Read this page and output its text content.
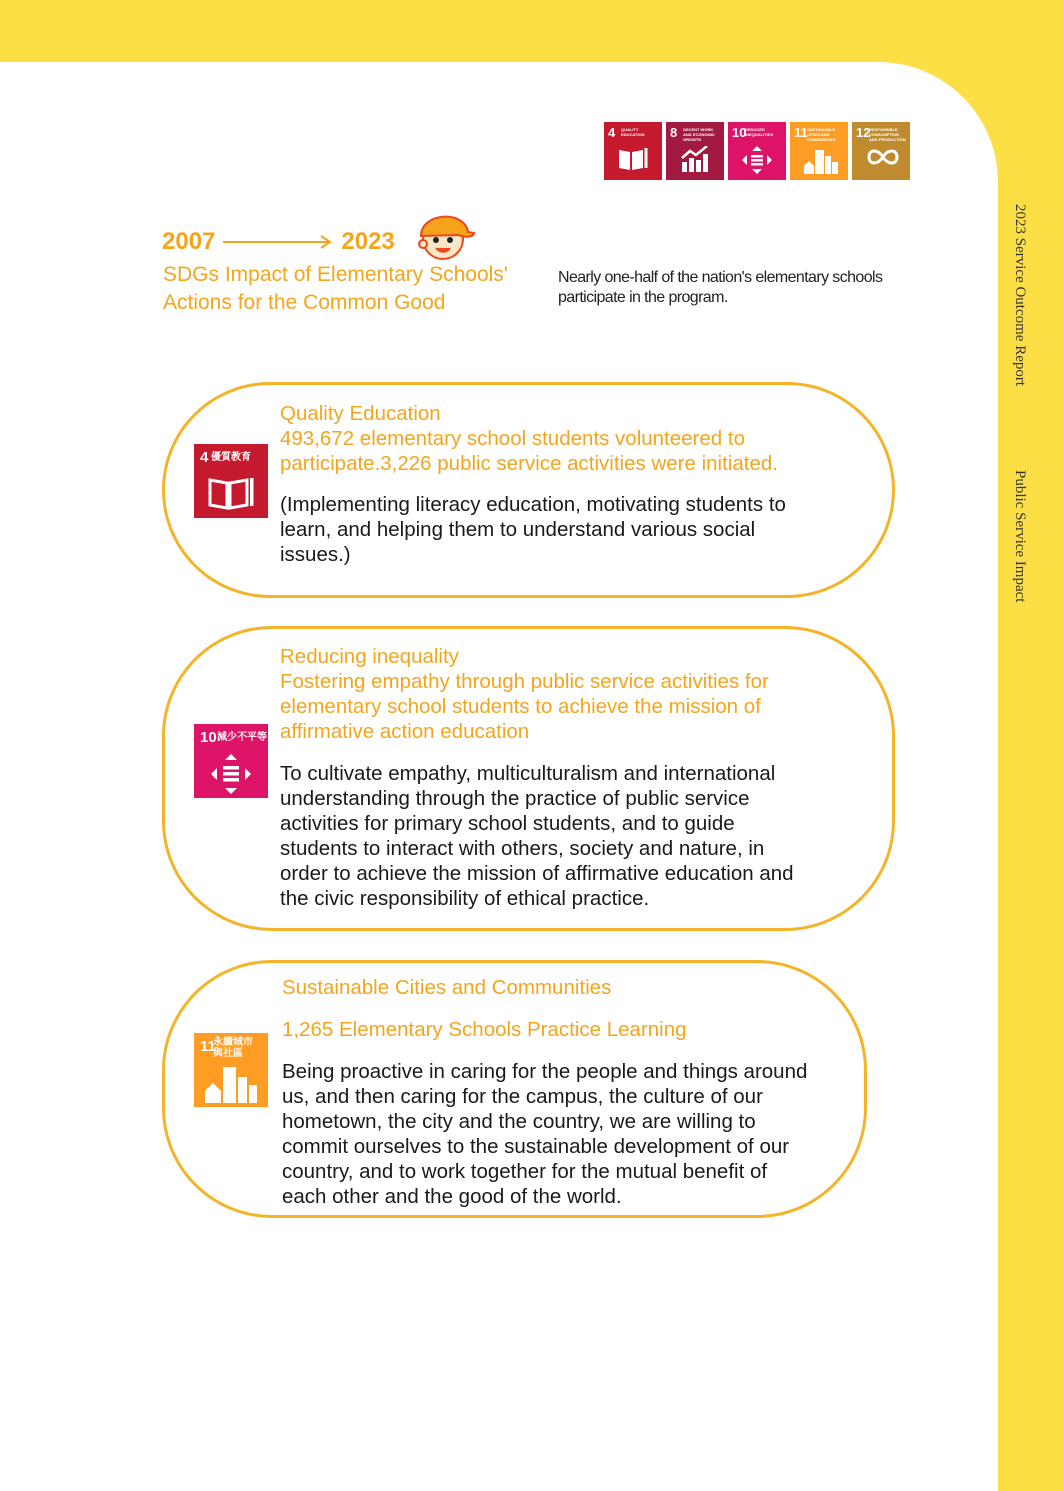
2023 Service Outcome Report
Public Service Impact
4 QUALITY EDUCATION	8 DECENT WORK AND ECONOMIC GROWTH	10
REDUCED INEQUALITIES	11 SUSTAINABLE CITIES AND COMMUNITIES	12
RESPONSIBLE CONSUMPTION AND PRODUCTION
2007	2023
SDGs Impact of Elementary Schools'
Actions for the Common Good
Nearly one-half of the nation's elementary schools participate in the program.
4 優質教育
Quality Education
493,672 elementary school students volunteered to
participate.3,226 public service activities were initiated.
(Implementing literacy education, motivating students to
learn, and helping them to understand various social
issues.)
10 減少不平等
Reducing inequality
Fostering empathy through public service activities for
elementary school students to achieve the mission of
affirmative action education
To cultivate empathy, multiculturalism and international
understanding through the practice of public service
activities for primary school students, and to guide
students to interact with others, society and nature, in
order to achieve the mission of affirmative education and
the civic responsibility of ethical practice.
11
永續城市
與社區
Sustainable Cities and Communities
1,265 Elementary Schools Practice Learning
Being proactive in caring for the people and things around
us, and then caring for the campus, the culture of our
hometown, the city and the country, we are willing to
commit ourselves to the sustainable development of our
country, and to work together for the mutual benefit of
each other and the good of the world.
